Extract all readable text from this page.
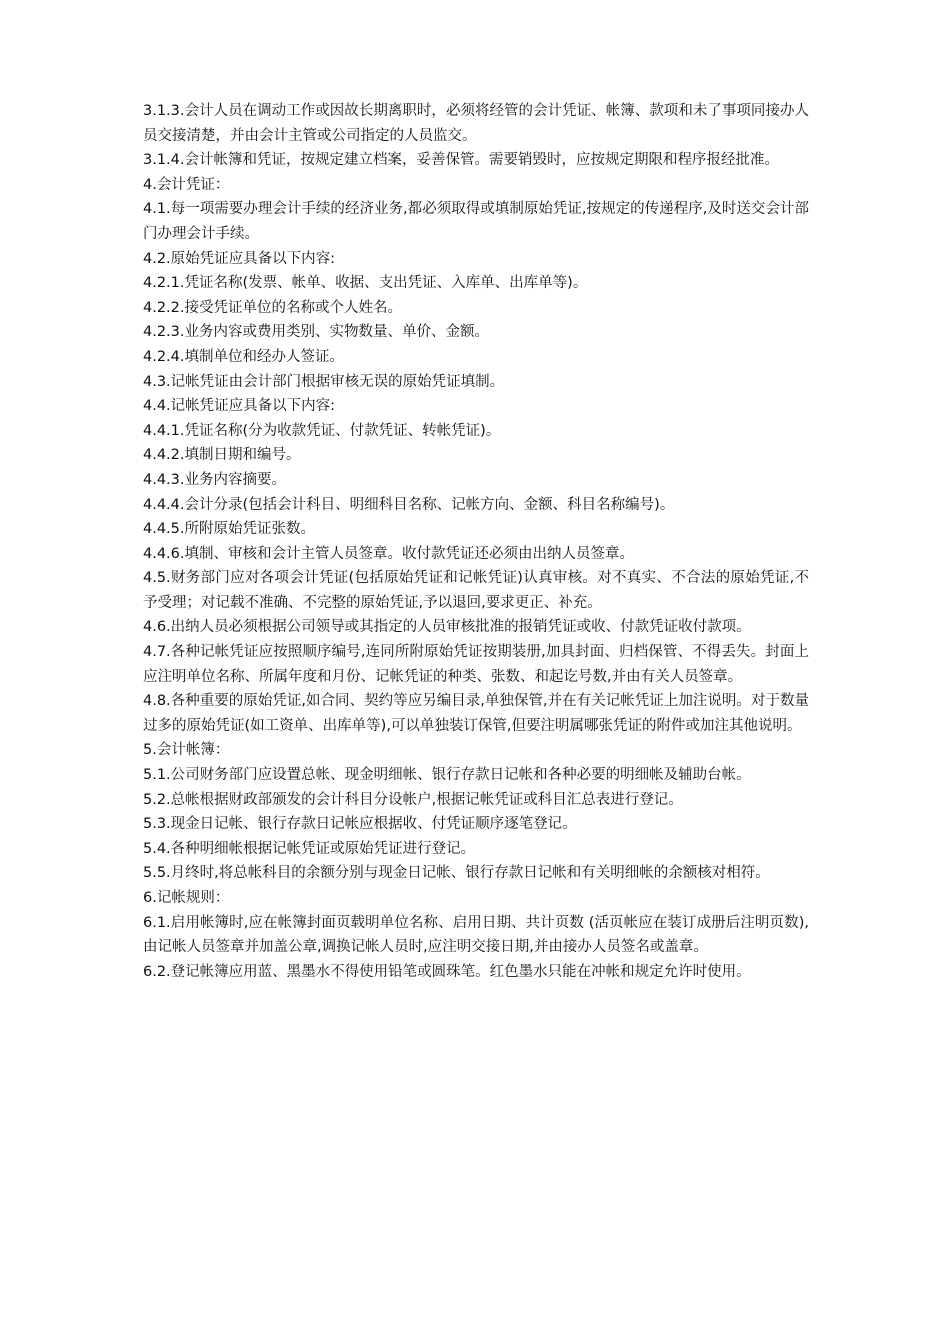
3.1.3.会计人员在调动工作或因故长期离职时，必须将经管的会计凭证、帐簿、款项和未了事项同接办人员交接清楚，并由会计主管或公司指定的人员监交。

3.1.4.会计帐簿和凭证，按规定建立档案，妥善保管。需要销毁时，应按规定期限和程序报经批准。

4.会计凭证：

4.1.每一项需要办理会计手续的经济业务,都必须取得或填制原始凭证,按规定的传递程序,及时送交会计部门办理会计手续。

4.2.原始凭证应具备以下内容:

4.2.1.凭证名称(发票、帐单、收据、支出凭证、入库单、出库单等)。

4.2.2.接受凭证单位的名称或个人姓名。

4.2.3.业务内容或费用类别、实物数量、单价、金额。

4.2.4.填制单位和经办人签证。

4.3.记帐凭证由会计部门根据审核无误的原始凭证填制。

4.4.记帐凭证应具备以下内容:

4.4.1.凭证名称(分为收款凭证、付款凭证、转帐凭证)。

4.4.2.填制日期和编号。

4.4.3.业务内容摘要。

4.4.4.会计分录(包括会计科目、明细科目名称、记帐方向、金额、科目名称编号)。

4.4.5.所附原始凭证张数。

4.4.6.填制、审核和会计主管人员签章。收付款凭证还必须由出纳人员签章。

4.5.财务部门应对各项会计凭证(包括原始凭证和记帐凭证)认真审核。对不真实、不合法的原始凭证,不予受理；对记载不准确、不完整的原始凭证,予以退回,要求更正、补充。

4.6.出纳人员必须根据公司领导或其指定的人员审核批准的报销凭证或收、付款凭证收付款项。

4.7.各种记帐凭证应按照顺序编号,连同所附原始凭证按期装册,加具封面、归档保管、不得丢失。封面上应注明单位名称、所属年度和月份、记帐凭证的种类、张数、和起讫号数,并由有关人员签章。

4.8.各种重要的原始凭证,如合同、契约等应另编目录,单独保管,并在有关记帐凭证上加注说明。对于数量过多的原始凭证(如工资单、出库单等),可以单独装订保管,但要注明属哪张凭证的附件或加注其他说明。

5.会计帐簿：

5.1.公司财务部门应设置总帐、现金明细帐、银行存款日记帐和各种必要的明细帐及辅助台帐。

5.2.总帐根据财政部颁发的会计科目分设帐户,根据记帐凭证或科目汇总表进行登记。

5.3.现金日记帐、银行存款日记帐应根据收、付凭证顺序逐笔登记。

5.4.各种明细帐根据记帐凭证或原始凭证进行登记。

5.5.月终时,将总帐科目的余额分别与现金日记帐、银行存款日记帐和有关明细帐的余额核对相符。

6.记帐规则：

6.1.启用帐簿时,应在帐簿封面页载明单位名称、启用日期、共计页数 (活页帐应在装订成册后注明页数),由记帐人员签章并加盖公章,调换记帐人员时,应注明交接日期,并由接办人员签名或盖章。

6.2.登记帐簿应用蓝、黑墨水不得使用铅笔或圆珠笔。红色墨水只能在冲帐和规定允许时使用。
